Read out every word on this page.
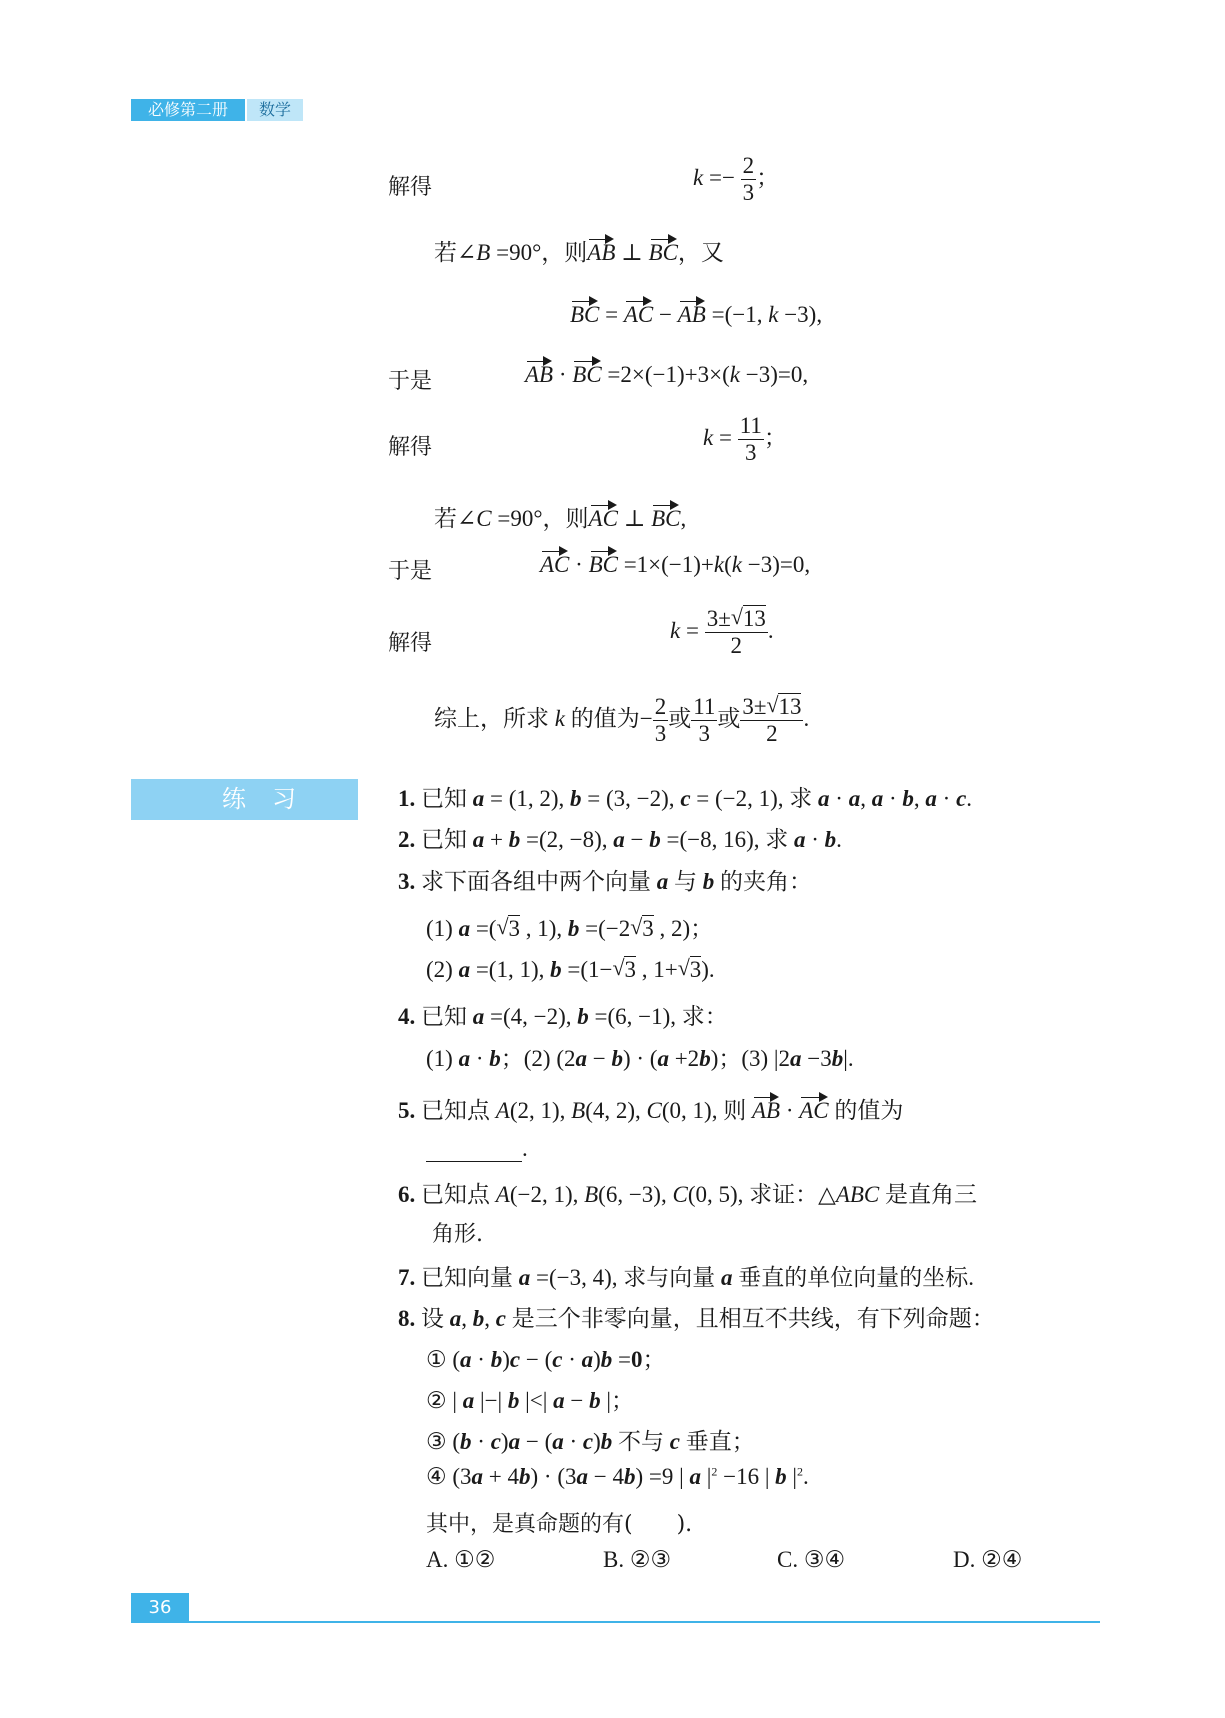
必修第二册	数学
解得	$k =- \frac{2}{3}$ ；
若∠B =90°，则AB ⊥ BC，又
BC = AC − AB =(−1, k −3),
于是	AB · BC =2×(−1)+3×(k −3)=0,
解得	$k = \frac{11}{3}$ ；
若∠C =90°，则AC ⊥ BC,
于是	AC · BC =1×(−1)+k(k −3)=0,
解得
$k = \frac{3\pm √ 13}{2}$ .
综上，所求 k 的值为− $\frac{2}{3}$ 或 $\frac{11}{3}$ 或 $\frac{3\pm √ 13}{2}$ .
练习	1. 已知 a = (1, 2), b = (3, −2), c = (−2, 1), 求 a · a, a · b, a · c.
2. 已知 a + b =(2, −8), a − b =(−8, 16), 求 a · b.
3. 求下面各组中两个向量 a 与 b 的夹角：
(1) a =( √ 3 , 1), b =(−2 √ 3 , 2)；
(2) a =(1, 1), b =(1− √ 3 , 1+ √ 3).
4. 已知 a =(4, −2), b =(6, −1), 求：
(1) a · b；(2) (2a − b) · (a +2b)；(3) |2a −3b|.
5. 已知点 A(2, 1), B(4, 2), C(0, 1), 则 AB · AC 的值为
.
6. 已知点 A(−2, 1), B(6, −3), C(0, 5), 求证：△ABC 是直角三
角形.
7. 已知向量 a =(−3, 4), 求与向量 a 垂直的单位向量的坐标.
8. 设 a, b, c 是三个非零向量，且相互不共线，有下列命题：
① (a · b)c − (c · a)b =0；
② | a |−| b |<| a − b |；
③ (b · c)a − (a · c)b 不与 c 垂直；
④ (3a + 4b) · (3a − 4b) =9 | a $|^2 -16$ | b $|^2$.
其中，是真命题的有(　　).
A. ①②	B. ②③	C. ③④	D. ②④
36
